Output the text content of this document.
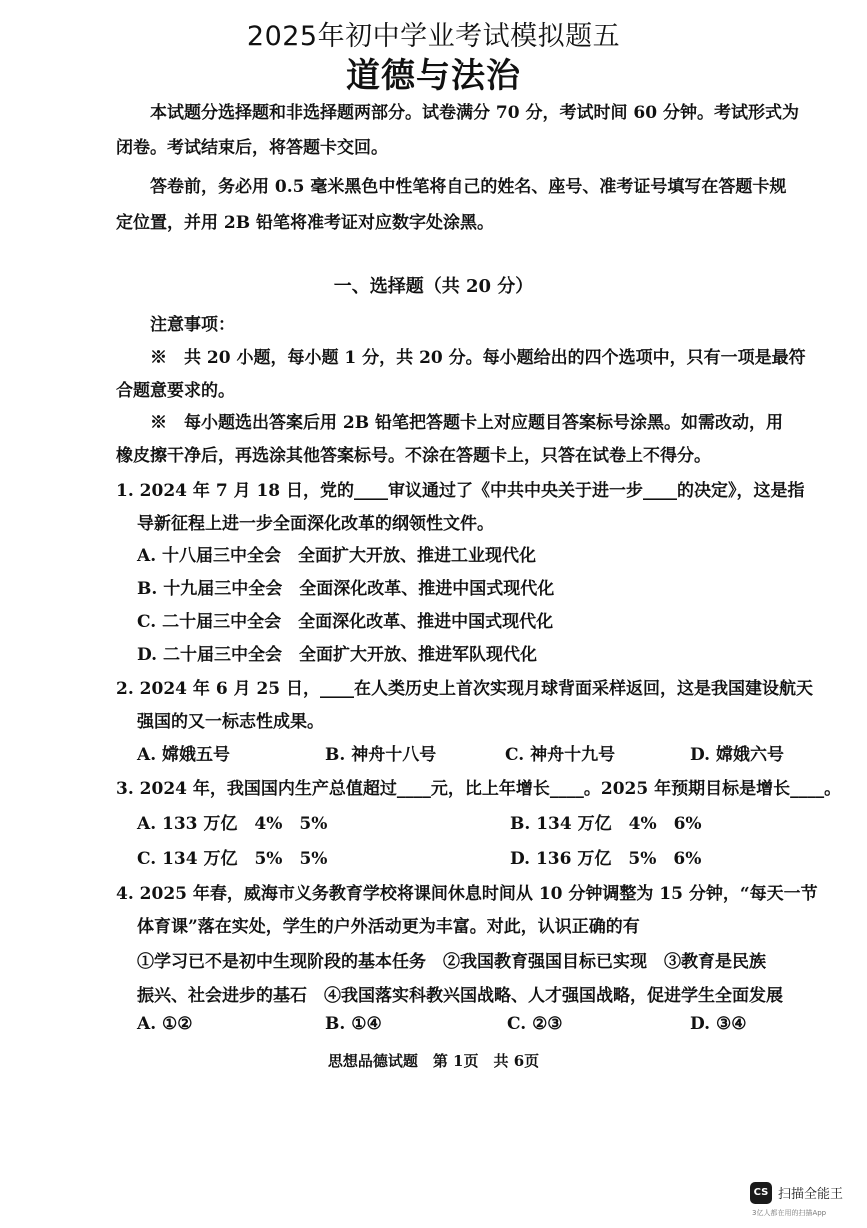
2025年初中学业考试模拟题五
道德与法治
本试题分选择题和非选择题两部分。试卷满分 70 分，考试时间 60 分钟。考试形式为
闭卷。考试结束后，将答题卡交回。
答卷前，务必用 0.5 毫米黑色中性笔将自己的姓名、座号、准考证号填写在答题卡规
定位置，并用 2B 铅笔将准考证对应数字处涂黑。
一、选择题（共 20 分）
注意事项：
※　共 20 小题，每小题 1 分，共 20 分。每小题给出的四个选项中，只有一项是最符
合题意要求的。
※　每小题选出答案后用 2B 铅笔把答题卡上对应题目答案标号涂黑。如需改动，用
橡皮擦干净后，再选涂其他答案标号。不涂在答题卡上，只答在试卷上不得分。
1. 2024 年 7 月 18 日，党的____审议通过了《中共中央关于进一步____的决定》，这是指
导新征程上进一步全面深化改革的纲领性文件。
A. 十八届三中全会　全面扩大开放、推进工业现代化
B. 十九届三中全会　全面深化改革、推进中国式现代化
C. 二十届三中全会　全面深化改革、推进中国式现代化
D. 二十届三中全会　全面扩大开放、推进军队现代化
2. 2024 年 6 月 25 日，____在人类历史上首次实现月球背面采样返回，这是我国建设航天
强国的又一标志性成果。
A. 嫦娥五号	B. 神舟十八号	C. 神舟十九号	D. 嫦娥六号
3. 2024 年，我国国内生产总值超过____元，比上年增长____。2025 年预期目标是增长____。
A. 133 万亿　4%　5%	B. 134 万亿　4%　6%
C. 134 万亿　5%　5%	D. 136 万亿　5%　6%
4. 2025 年春，威海市义务教育学校将课间休息时间从 10 分钟调整为 15 分钟，“每天一节
体育课”落在实处，学生的户外活动更为丰富。对此，认识正确的有
①学习已不是初中生现阶段的基本任务　②我国教育强国目标已实现　③教育是民族
振兴、社会进步的基石　④我国落实科教兴国战略、人才强国战略，促进学生全面发展
A. ①②	B. ①④	C. ②③	D. ③④
思想品德试题　第 1页　共 6页
CS 扫描全能王
3亿人都在用的扫描App
